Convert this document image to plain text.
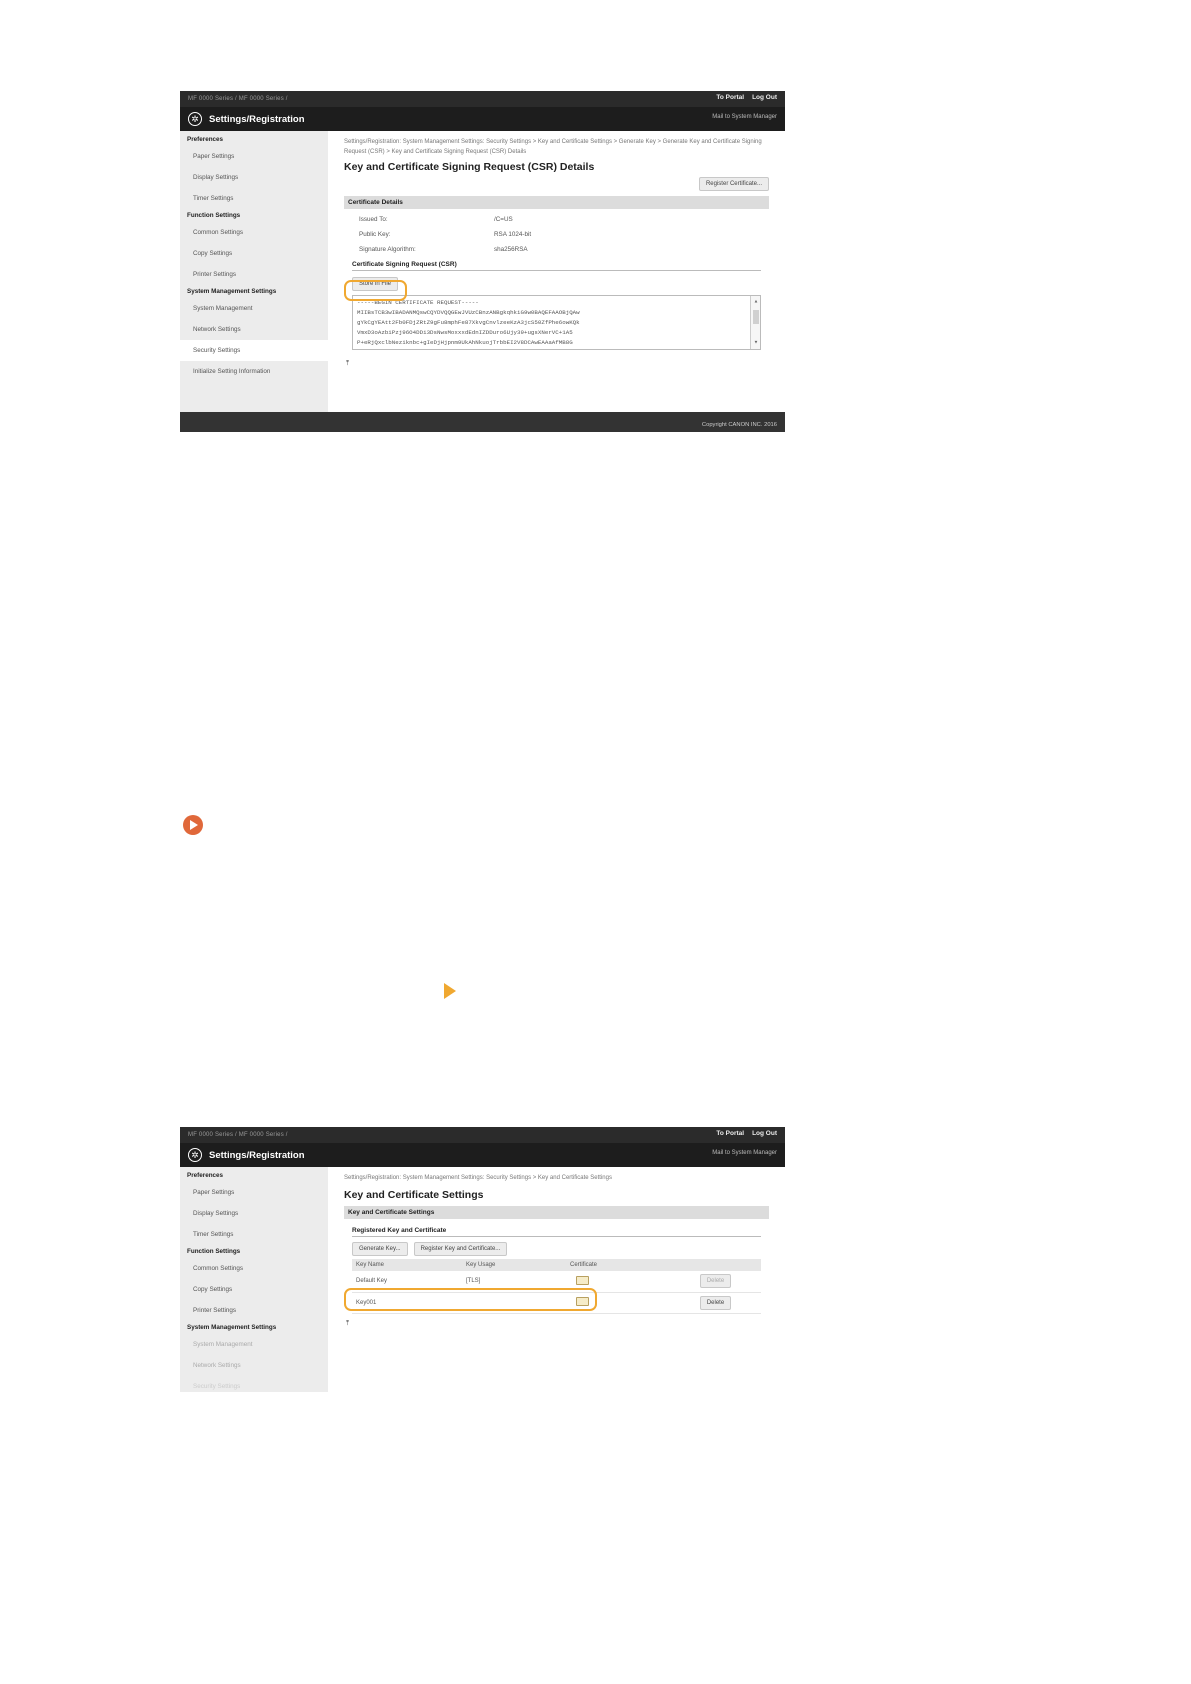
MF 0000 Series / MF 0000 Series /	To Portal Log Out
✲	Settings/Registration	Mail to System Manager
Preferences
Paper Settings
Display Settings
Timer Settings
Function Settings
Common Settings
Copy Settings
Printer Settings
System Management Settings
System Management
Network Settings
Security Settings
Initialize Setting Information
Settings/Registration: System Management Settings: Security Settings > Key and Certificate Settings > Generate Key > Generate Key and Certificate Signing Request (CSR) > Key and Certificate Signing Request (CSR) Details
Key and Certificate Signing Request (CSR) Details
Register Certificate...
Certificate Details
Issued To:	/C=US
Public Key:	RSA 1024-bit
Signature Algorithm:	sha256RSA
Certificate Signing Request (CSR)
Store in File
-----BEGIN CERTIFICATE REQUEST-----
MIIBsTCB3wIBADANMQswCQYDVQQGEwJVUzCBnzANBgkqhkiG9w0BAQEFAAOBjQAw
gYkCgYEAtt2Fb0FDjZRtZ9gFu8mphFe87XkvgCnvlzeeKzA3jcS50ZfPhe6owKQk
VmxD3oAzbiPzj96O4DDi3DsNwsMoxxxdEdnIZDDuro6Ujy39+ugsXNerVC+1A5
P+eRjQxclbNeziknbc+gIeDjHjpnm9UkAhNkuojTrbbEI2V8DCAwEAAaAfMB8G
▴
▾
⤒
Copyright CANON INC. 2016
MF 0000 Series / MF 0000 Series /	To Portal Log Out
✲	Settings/Registration	Mail to System Manager
Preferences
Paper Settings
Display Settings
Timer Settings
Function Settings
Common Settings
Copy Settings
Printer Settings
System Management Settings
System Management
Network Settings
Security Settings
Settings/Registration: System Management Settings: Security Settings > Key and Certificate Settings
Key and Certificate Settings
Key and Certificate Settings
Registered Key and Certificate
Generate Key...	Register Key and Certificate...
Key Name	Key Usage	Certificate	
Default Key	[TLS]		Delete
Key001			Delete
⤒
